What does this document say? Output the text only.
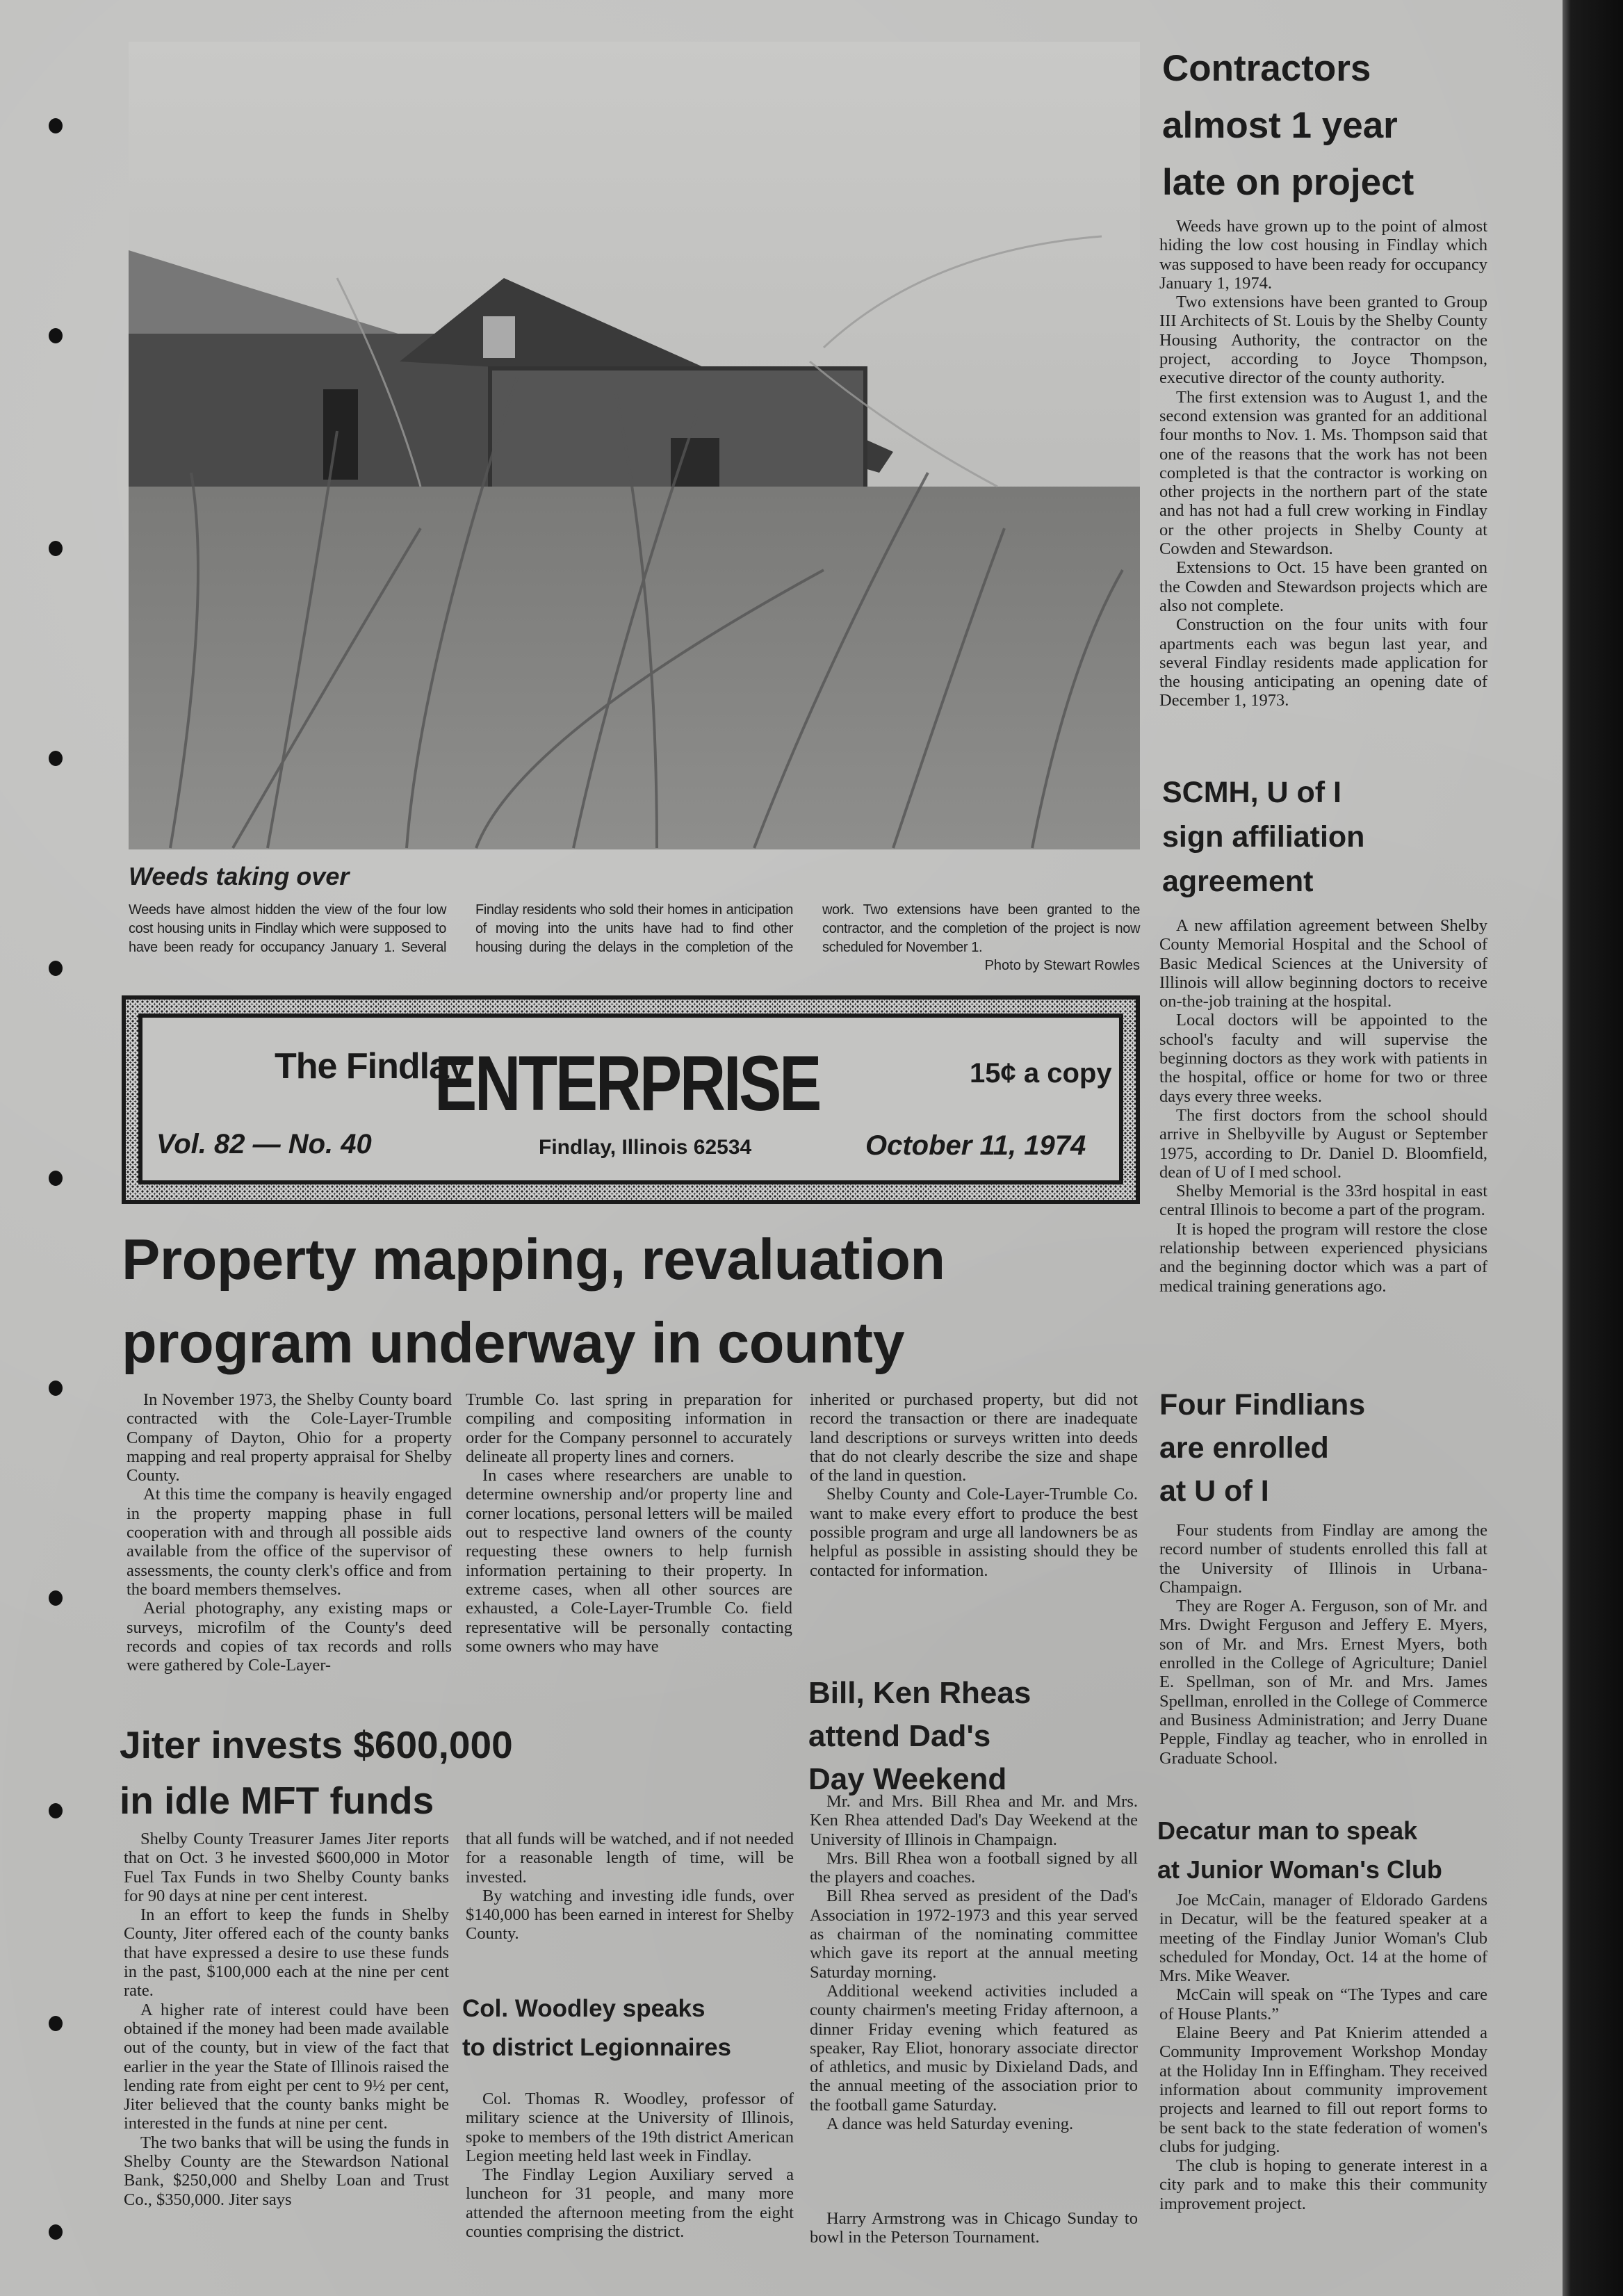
Weeds taking over
Weeds have almost hidden the view of the four low cost housing units in Findlay which were supposed to have been ready for occupancy January 1. Several Findlay residents who sold their homes in anticipation of moving into the units have had to find other housing during the delays in the completion of the work. Two extensions have been granted to the contractor, and the completion of the project is now scheduled for November 1.
Photo by Stewart Rowles
The Findlay
ENTERPRISE	15¢ a copy
Vol. 82 — No. 40	Findlay, Illinois 62534	October 11, 1974
Contractors
almost 1 year
late on project

Weeds have grown up to the point of almost hiding the low cost housing in Findlay which was supposed to have been ready for occupancy January 1, 1974.

Two extensions have been granted to Group III Architects of St. Louis by the Shelby County Housing Authority, the contractor on the project, according to Joyce Thompson, executive director of the county authority.

The first extension was to August 1, and the second extension was granted for an additional four months to Nov. 1. Ms. Thompson said that one of the reasons that the work has not been completed is that the contractor is working on other projects in the northern part of the state and has not had a full crew working in Findlay or the other projects in Shelby County at Cowden and Stewardson.

Extensions to Oct. 15 have been granted on the Cowden and Stewardson projects which are also not complete.

Construction on the four units with four apartments each was begun last year, and several Findlay residents made application for the housing anticipating an opening date of December 1, 1973.

SCMH, U of I
sign affiliation
agreement

A new affilation agreement between Shelby County Memorial Hospital and the School of Basic Medical Sciences at the University of Illinois will allow beginning doctors to receive on-the-job training at the hospital.

Local doctors will be appointed to the school's faculty and will supervise the beginning doctors as they work with patients in the hospital, office or home for two or three days every three weeks.

The first doctors from the school should arrive in Shelbyville by August or September 1975, according to Dr. Daniel D. Bloomfield, dean of U of I med school.

Shelby Memorial is the 33rd hospital in east central Illinois to become a part of the program.

It is hoped the program will restore the close relationship between experienced physicians and the beginning doctor which was a part of medical training generations ago.

Four Findlians
are enrolled
at U of I

Four students from Findlay are among the record number of students enrolled this fall at the University of Illinois in Urbana-Champaign.

They are Roger A. Ferguson, son of Mr. and Mrs. Dwight Ferguson and Jeffery E. Myers, son of Mr. and Mrs. Ernest Myers, both enrolled in the College of Agriculture; Daniel E. Spellman, son of Mr. and Mrs. James Spellman, enrolled in the College of Commerce and Business Administration; and Jerry Duane Pepple, Findlay ag teacher, who in enrolled in Graduate School.

Decatur man to speak
at Junior Woman's Club

Joe McCain, manager of Eldorado Gardens in Decatur, will be the featured speaker at a meeting of the Findlay Junior Woman's Club scheduled for Monday, Oct. 14 at the home of Mrs. Mike Weaver.

McCain will speak on “The Types and care of House Plants.”

Elaine Beery and Pat Knierim attended a Community Improvement Workshop Monday at the Holiday Inn in Effingham. They received information about community improvement projects and learned to fill out report forms to be sent back to the state federation of women's clubs for judging.

The club is hoping to generate interest in a city park and to make this their community improvement project.

Property mapping, revaluation
program underway in county

In November 1973, the Shelby County board contracted with the Cole-Layer-Trumble Company of Dayton, Ohio for a property mapping and real property appraisal for Shelby County.

At this time the company is heavily engaged in the property mapping phase in full cooperation with and through all possible aids available from the office of the supervisor of assessments, the county clerk's office and from the board members themselves.

Aerial photography, any existing maps or surveys, microfilm of the County's deed records and copies of tax records and rolls were gathered by Cole-Layer-

Trumble Co. last spring in preparation for compiling and compositing information in order for the Company personnel to accurately delineate all property lines and corners.

In cases where researchers are unable to determine ownership and/or property line and corner locations, personal letters will be mailed out to respective land owners of the county requesting these owners to help furnish information pertaining to their property. In extreme cases, when all other sources are exhausted, a Cole-Layer-Trumble Co. field representative will be personally contacting some owners who may have

inherited or purchased property, but did not record the transaction or there are inadequate land descriptions or surveys written into deeds that do not clearly describe the size and shape of the land in question.

Shelby County and Cole-Layer-Trumble Co. want to make every effort to produce the best possible program and urge all landowners be as helpful as possible in assisting should they be contacted for information.

Jiter invests $600,000
in idle MFT funds

Shelby County Treasurer James Jiter reports that on Oct. 3 he invested $600,000 in Motor Fuel Tax Funds in two Shelby County banks for 90 days at nine per cent interest.

In an effort to keep the funds in Shelby County, Jiter offered each of the county banks that have expressed a desire to use these funds in the past, $100,000 each at the nine per cent rate.

A higher rate of interest could have been obtained if the money had been made available out of the county, but in view of the fact that earlier in the year the State of Illinois raised the lending rate from eight per cent to 9½ per cent, Jiter believed that the county banks might be interested in the funds at nine per cent.

The two banks that will be using the funds in Shelby County are the Stewardson National Bank, $250,000 and Shelby Loan and Trust Co., $350,000. Jiter says

that all funds will be watched, and if not needed for a reasonable length of time, will be invested.

By watching and investing idle funds, over $140,000 has been earned in interest for Shelby County.

Col. Woodley speaks
to district Legionnaires

Col. Thomas R. Woodley, professor of military science at the University of Illinois, spoke to members of the 19th district American Legion meeting held last week in Findlay.

The Findlay Legion Auxiliary served a luncheon for 31 people, and many more attended the afternoon meeting from the eight counties comprising the district.

Bill, Ken Rheas
attend Dad's
Day Weekend

Mr. and Mrs. Bill Rhea and Mr. and Mrs. Ken Rhea attended Dad's Day Weekend at the University of Illinois in Champaign.

Mrs. Bill Rhea won a football signed by all the players and coaches.

Bill Rhea served as president of the Dad's Association in 1972-1973 and this year served as chairman of the nominating committee which gave its report at the annual meeting Saturday morning.

Additional weekend activities included a county chairmen's meeting Friday afternoon, a dinner Friday evening which featured as speaker, Ray Eliot, honorary associate director of athletics, and music by Dixieland Dads, and the annual meeting of the association prior to the football game Saturday.

A dance was held Saturday evening.

Harry Armstrong was in Chicago Sunday to bowl in the Peterson Tournament.
